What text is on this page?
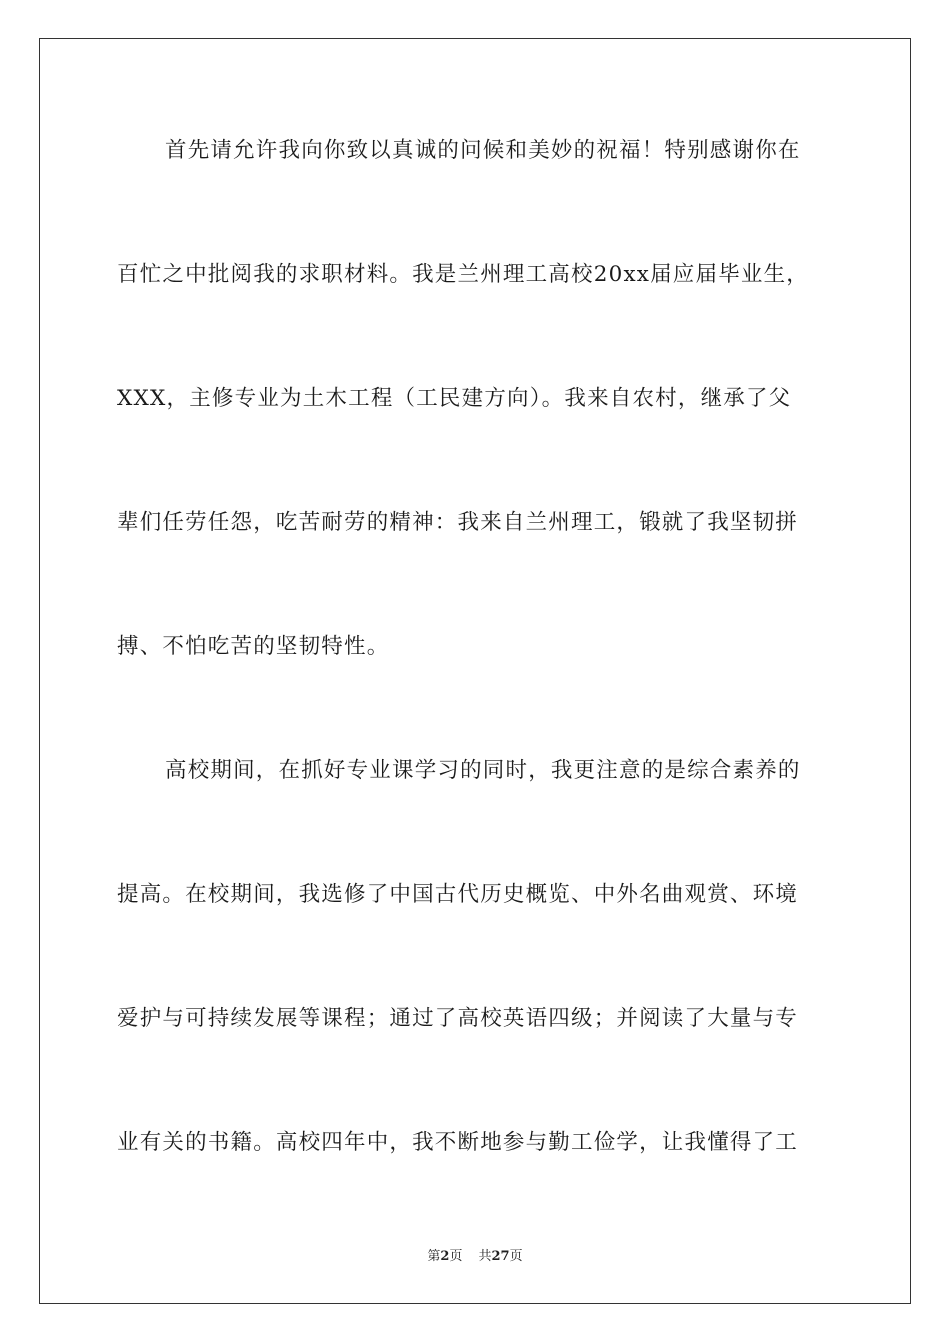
首先请允许我向你致以真诚的问候和美妙的祝福！特别感谢你在
百忙之中批阅我的求职材料。我是兰州理工高校20xx届应届毕业生，
XXX，主修专业为土木工程（工民建方向）。我来自农村，继承了父
辈们任劳任怨，吃苦耐劳的精神：我来自兰州理工，锻就了我坚韧拼
搏、不怕吃苦的坚韧特性。
高校期间，在抓好专业课学习的同时，我更注意的是综合素养的
提高。在校期间，我选修了中国古代历史概览、中外名曲观赏、环境
爱护与可持续发展等课程；通过了高校英语四级；并阅读了大量与专
业有关的书籍。高校四年中，我不断地参与勤工俭学，让我懂得了工
第2页 共27页
